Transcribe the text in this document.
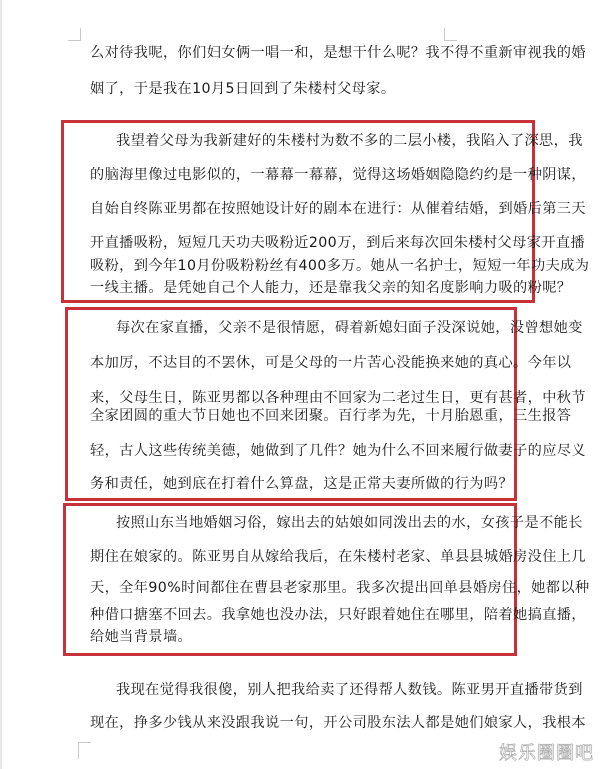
么对待我呢，你们妇女俩一唱一和，是想干什么呢？我不得不重新审视我的婚
姻了，于是我在10月5日回到了朱楼村父母家。
我望着父母为我新建好的朱楼村为数不多的二层小楼，我陷入了深思，我
的脑海里像过电影似的，一幕幕一幕幕，觉得这场婚姻隐隐约约是一种阴谋，
自始自终陈亚男都在按照她设计好的剧本在进行：从催着结婚，到婚后第三天
开直播吸粉，短短几天功夫吸粉近200万，到后来每次回朱楼村父母家开直播
吸粉，到今年10月份吸粉粉丝有400多万。她从一名护士，短短一年功夫成为
一线主播。是凭她自己个人能力，还是靠我父亲的知名度影响力吸的粉呢？
每次在家直播，父亲不是很情愿，碍着新媳妇面子没深说她，没曾想她变
本加厉，不达目的不罢休，可是父母的一片苦心没能换来她的真心。今年以
来，父母生日，陈亚男都以各种理由不回家为二老过生日，更有甚者，中秋节
全家团圆的重大节日她也不回来团聚。百行孝为先，十月胎恩重，三生报答
轻，古人这些传统美德，她做到了几件？她为什么不回来履行做妻子的应尽义
务和责任，她到底在打着什么算盘，这是正常夫妻所做的行为吗？
按照山东当地婚姻习俗，嫁出去的姑娘如同泼出去的水，女孩子是不能长
期住在娘家的。陈亚男自从嫁给我后，在朱楼村老家、单县县城婚房没住上几
天，全年90%时间都住在曹县老家那里。我多次提出回单县婚房住，她都以种
种借口搪塞不回去。我拿她也没办法，只好跟着她住在哪里，陪着她搞直播，
给她当背景墙。
我现在觉得我很傻，别人把我给卖了还得帮人数钱。陈亚男开直播带货到
现在，挣多少钱从来没跟我说一句，开公司股东法人都是她们娘家人，我根本
娱乐圈圈吧
